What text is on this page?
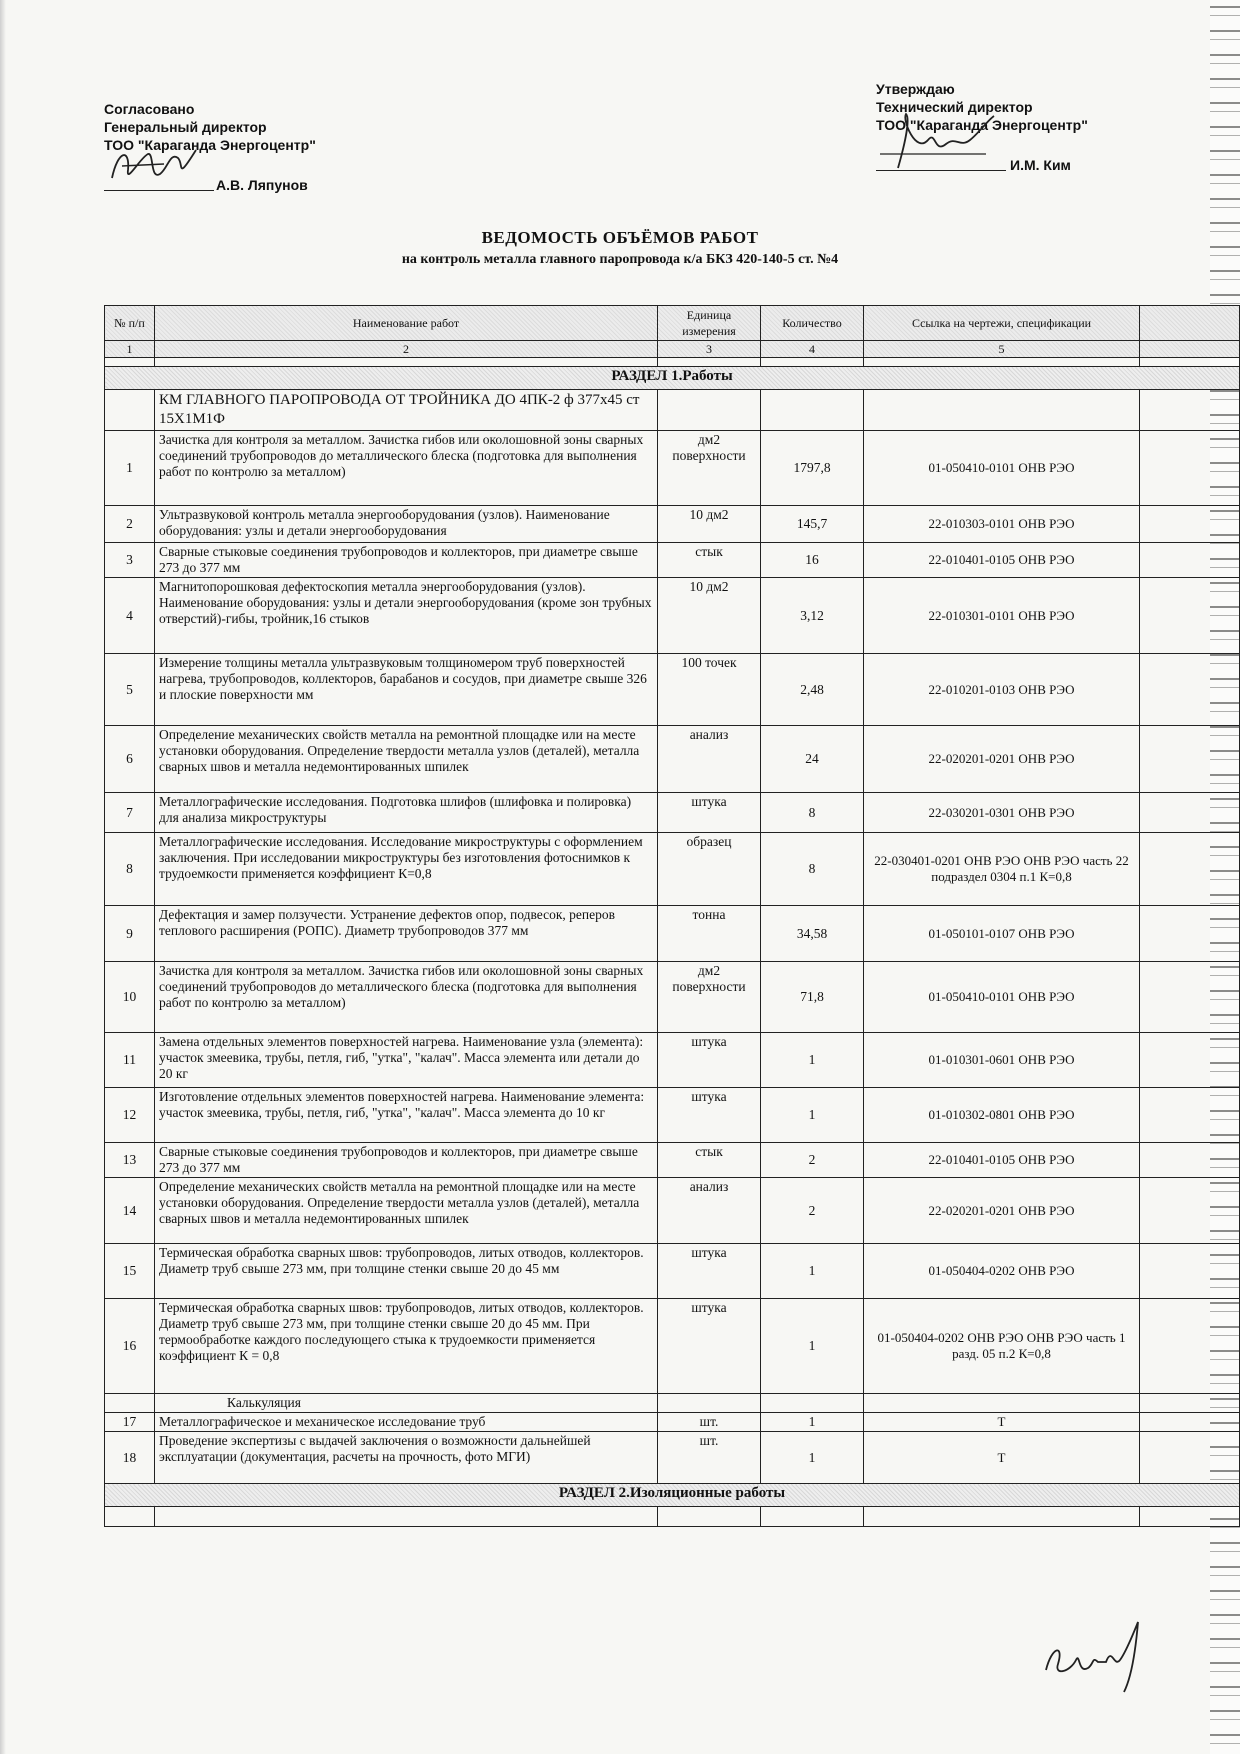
Согласовано
Генеральный директор
ТОО "Караганда Энергоцентр"
А.В. Ляпунов
Утверждаю
Технический директор
ТОО "Караганда Энергоцентр"
И.М. Ким
ВЕДОМОСТЬ ОБЪЁМОВ РАБОТ
на контроль металла главного паропровода к/а БКЗ 420-140-5 ст. №4
№ п/п	Наименование работ	Единица измерения	Количество	Ссылка на чертежи, спецификации	
1	2	3	4	5	

РАЗДЕЛ 1.Работы					
	КМ ГЛАВНОГО ПАРОПРОВОДА ОТ ТРОЙНИКА ДО 4ПК-2 ф 377х45 ст 15Х1М1Ф				
1	Зачистка для контроля за металлом. Зачистка гибов или околошовной зоны сварных соединений трубопроводов до металлического блеска (подготовка для выполнения работ по контролю за металлом)	дм2 поверхности	1797,8	01-050410-0101 ОНВ РЭО	
2	Ультразвуковой контроль металла энергооборудования (узлов). Наименование оборудования: узлы и детали энергооборудования	10 дм2	145,7	22-010303-0101 ОНВ РЭО	
3	Сварные стыковые соединения трубопроводов и коллекторов, при диаметре свыше 273 до 377 мм	стык	16	22-010401-0105 ОНВ РЭО	
4	Магнитопорошковая дефектоскопия металла энергооборудования (узлов). Наименование оборудования: узлы и детали энергооборудования (кроме зон трубных отверстий)-гибы, тройник,16 стыков	10 дм2	3,12	22-010301-0101 ОНВ РЭО	
5	Измерение толщины металла ультразвуковым толщиномером труб поверхностей нагрева, трубопроводов, коллекторов, барабанов и сосудов, при диаметре свыше 326 и плоские поверхности мм	100 точек	2,48	22-010201-0103 ОНВ РЭО	
6	Определение механических свойств металла на ремонтной площадке или на месте установки оборудования. Определение твердости металла узлов (деталей), металла сварных швов и металла недемонтированных шпилек	анализ	24	22-020201-0201 ОНВ РЭО	
7	Металлографические исследования. Подготовка шлифов (шлифовка и полировка) для анализа микроструктуры	штука	8	22-030201-0301 ОНВ РЭО	
8	Металлографические исследования. Исследование микроструктуры с оформлением заключения. При исследовании микроструктуры без изготовления фотоснимков к трудоемкости применяется коэффициент К=0,8	образец	8	22-030401-0201 ОНВ РЭО ОНВ РЭО часть 22 подраздел 0304 п.1 К=0,8	
9	Дефектация и замер ползучести. Устранение дефектов опор, подвесок, реперов теплового расширения (РОПС). Диаметр трубопроводов 377 мм	тонна	34,58	01-050101-0107 ОНВ РЭО	
10	Зачистка для контроля за металлом. Зачистка гибов или околошовной зоны сварных соединений трубопроводов до металлического блеска (подготовка для выполнения работ по контролю за металлом)	дм2 поверхности	71,8	01-050410-0101 ОНВ РЭО	
11	Замена отдельных элементов поверхностей нагрева. Наименование узла (элемента): участок змеевика, трубы, петля, гиб, "утка", "калач". Масса элемента или детали до 20 кг	штука	1	01-010301-0601 ОНВ РЭО	
12	Изготовление отдельных элементов поверхностей нагрева. Наименование элемента: участок змеевика, трубы, петля, гиб, "утка", "калач". Масса элемента до 10 кг	штука	1	01-010302-0801 ОНВ РЭО	
13	Сварные стыковые соединения трубопроводов и коллекторов, при диаметре свыше 273 до 377 мм	стык	2	22-010401-0105 ОНВ РЭО	
14	Определение механических свойств металла на ремонтной площадке или на месте установки оборудования. Определение твердости металла узлов (деталей), металла сварных швов и металла недемонтированных шпилек	анализ	2	22-020201-0201 ОНВ РЭО	
15	Термическая обработка сварных швов: трубопроводов, литых отводов, коллекторов. Диаметр труб свыше 273 мм, при толщине стенки свыше 20 до 45 мм	штука	1	01-050404-0202 ОНВ РЭО	
16	Термическая обработка сварных швов: трубопроводов, литых отводов, коллекторов. Диаметр труб свыше 273 мм, при толщине стенки свыше 20 до 45 мм. При термообработке каждого последующего стыка к трудоемкости применяется коэффициент К = 0,8	штука	1	01-050404-0202 ОНВ РЭО ОНВ РЭО часть 1 разд. 05 п.2 К=0,8	
	Калькуляция				
17	Металлографическое и механическое исследование труб	шт.	1	Т	
18	Проведение экспертизы с выдачей заключения о возможности дальнейшей эксплуатации (документация, расчеты на прочность, фото МГИ)	шт.	1	Т	
РАЗДЕЛ 2.Изоляционные работы					
